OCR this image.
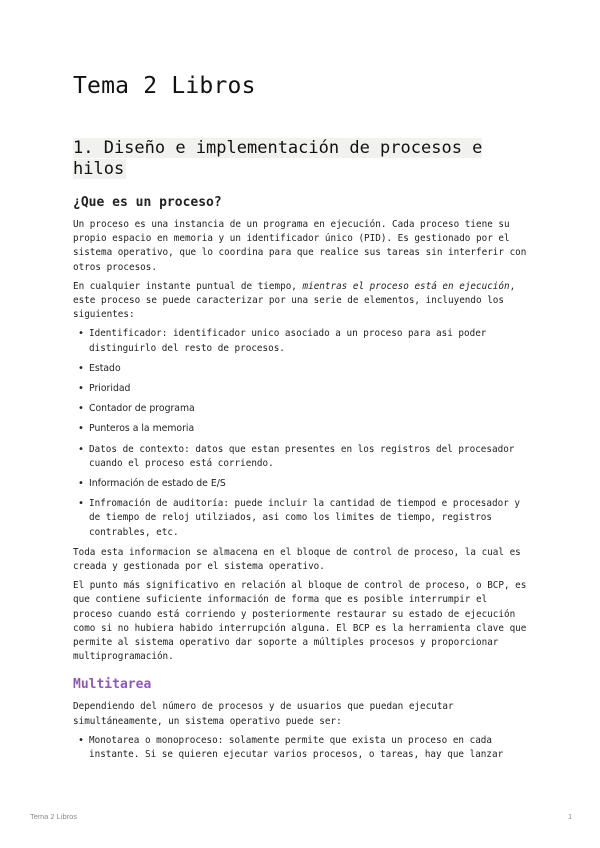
Tema 2 Libros
1. Diseño e implementación de procesos e hilos
¿Que es un proceso?

Un proceso es una instancia de un programa en ejecución. Cada proceso tiene su propio espacio en memoria y un identificador único (PID). Es gestionado por el sistema operativo, que lo coordina para que realice sus tareas sin interferir con otros procesos.

En cualquier instante puntual de tiempo, mientras el proceso está en ejecución, este proceso se puede caracterizar por una serie de elementos, incluyendo los siguientes:

• Identificador: identificador unico asociado a un proceso para asi poder distinguirlo del resto de procesos.
• Estado
• Prioridad
• Contador de programa
• Punteros a la memoria
• Datos de contexto: datos que estan presentes en los registros del procesador cuando el proceso está corriendo.
• Información de estado de E/S
• Infromación de auditoría: puede incluir la cantidad de tiempod e procesador y de tiempo de reloj utilziados, asi como los limites de tiempo, registros contrables, etc.

Toda esta informacion se almacena en el bloque de control de proceso, la cual es creada y gestionada por el sistema operativo.

El punto más significativo en relación al bloque de control de proceso, o BCP, es que contiene suficiente información de forma que es posible interrumpir el proceso cuando está corriendo y posteriormente restaurar su estado de ejecución como si no hubiera habido interrupción alguna. El BCP es la herramienta clave que permite al sistema operativo dar soporte a múltiples procesos y proporcionar multiprogramación.

Multitarea

Dependiendo del número de procesos y de usuarios que puedan ejecutar simultáneamente, un sistema operativo puede ser:

• Monotarea o monoproceso: solamente permite que exista un proceso en cada instante. Si se quieren ejecutar varios procesos, o tareas, hay que lanzar
Tema 2 Libros	1
